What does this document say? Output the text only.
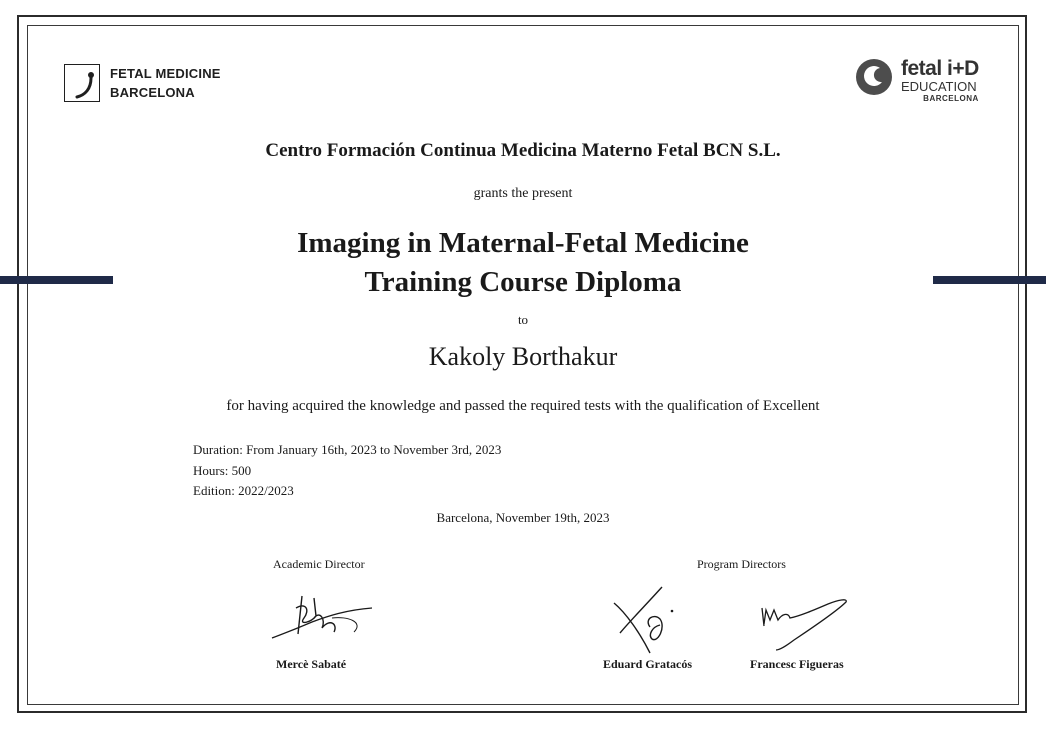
FETAL MEDICINE
BARCELONA
fetal i+D
EDUCATION
BARCELONA
Centro Formación Continua Medicina Materno Fetal BCN S.L.
grants the present
Imaging in Maternal-Fetal Medicine
Training Course Diploma
to
Kakoly Borthakur
for having acquired the knowledge and passed the required tests with the qualification of Excellent
Duration: From January 16th, 2023 to November 3rd, 2023
Hours: 500
Edition: 2022/2023
Barcelona, November 19th, 2023
Academic Director	Program Directors
Mercè Sabaté	Eduard Gratacós	Francesc Figueras
